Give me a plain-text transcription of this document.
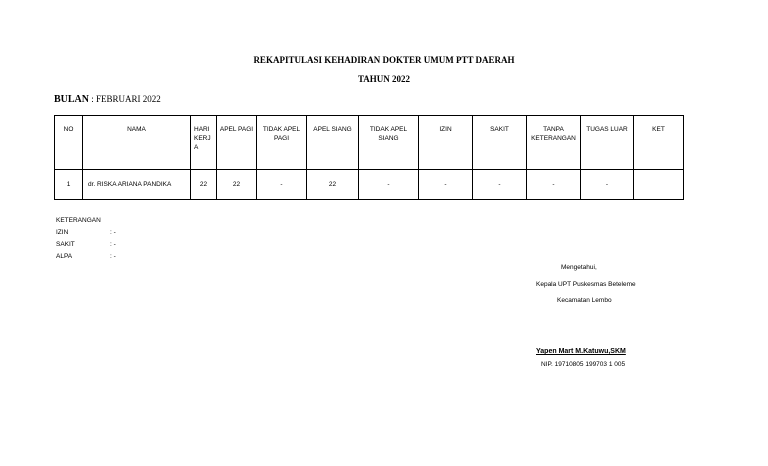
REKAPITULASI KEHADIRAN DOKTER UMUM PTT DAERAH
TAHUN 2022
BULAN : FEBRUARI 2022
NO	NAMA	HARI KERJ A	APEL PAGI	TIDAK APEL PAGI	APEL SIANG	TIDAK APEL SIANG	IZIN	SAKIT	TANPA KETERANGAN	TUGAS LUAR	KET
1	dr. RISKA ARIANA PANDIKA	22	22	-	22	-	-	-	-	-	
KETERANGAN
IZIN	: -
SAKIT	: -
ALPA	: -
Mengetahui,
Kepala UPT Puskesmas Beteleme
Kecamatan Lembo
Yapen Mart M.Katuwu,SKM
NIP. 19710805 199703 1 005
